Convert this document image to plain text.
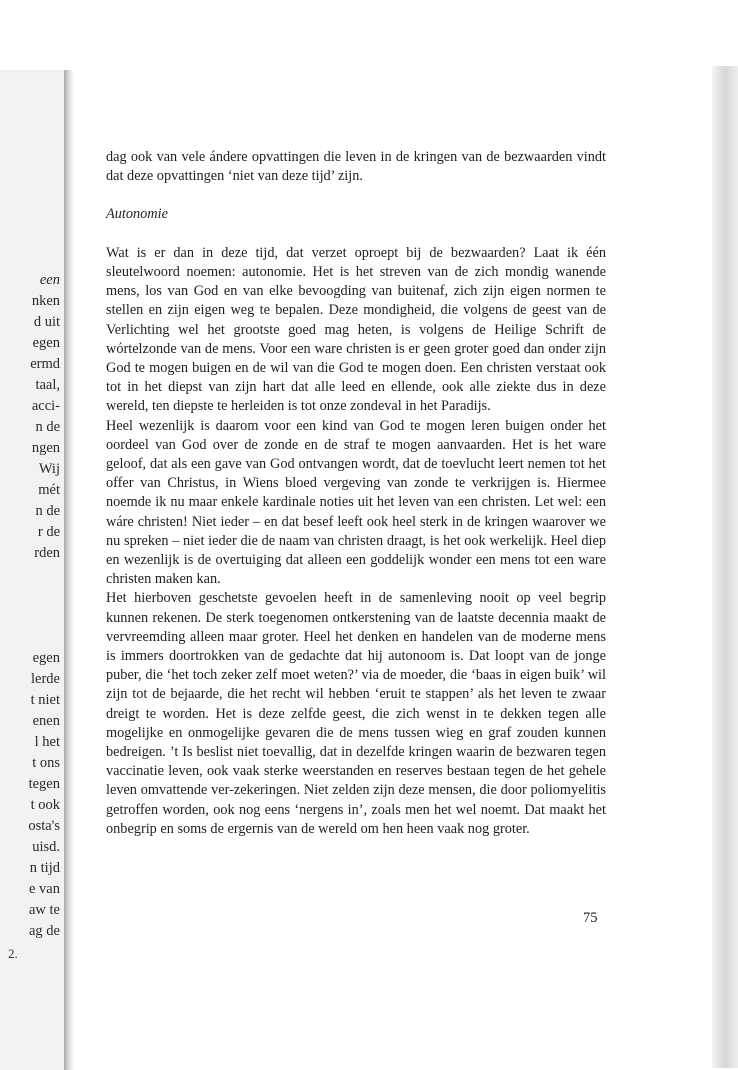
een
nken
d uit
egen
ermd
taal,
acci-
n de
ngen
Wij
mét
n de
r de
rden
egen
lerde
t niet
enen
l het
t ons
tegen
t ook
osta's
uisd.
n tijd
e van
aw te
ag de
2.

dag ook van vele ándere opvattingen die leven in de kringen van de bezwaarden vindt dat deze opvattingen ‘niet van deze tijd’ zijn.

Autonomie

Wat is er dan in deze tijd, dat verzet oproept bij de bezwaarden? Laat ik één sleutelwoord noemen: autonomie. Het is het streven van de zich mondig wanende mens, los van God en van elke bevoogding van buitenaf, zich zijn eigen normen te stellen en zijn eigen weg te bepalen. Deze mondigheid, die volgens de geest van de Verlichting wel het grootste goed mag heten, is volgens de Heilige Schrift de wórtelzonde van de mens. Voor een ware christen is er geen groter goed dan onder zijn God te mogen buigen en de wil van die God te mogen doen. Een christen verstaat ook tot in het diepst van zijn hart dat alle leed en ellende, ook alle ziekte dus in deze wereld, ten diepste te herleiden is tot onze zondeval in het Paradijs.

Heel wezenlijk is daarom voor een kind van God te mogen leren buigen onder het oordeel van God over de zonde en de straf te mogen aanvaarden. Het is het ware geloof, dat als een gave van God ontvangen wordt, dat de toevlucht leert nemen tot het offer van Christus, in Wiens bloed vergeving van zonde te verkrijgen is. Hiermee noemde ik nu maar enkele kardinale noties uit het leven van een christen. Let wel: een wáre christen! Niet ieder – en dat besef leeft ook heel sterk in de kringen waarover we nu spreken – niet ieder die de naam van christen draagt, is het ook werkelijk. Heel diep en wezenlijk is de overtuiging dat alleen een goddelijk wonder een mens tot een ware christen maken kan.

Het hierboven geschetste gevoelen heeft in de samenleving nooit op veel begrip kunnen rekenen. De sterk toegenomen ontkerstening van de laatste decennia maakt de vervreemding alleen maar groter. Heel het denken en handelen van de moderne mens is immers doortrokken van de gedachte dat hij autonoom is. Dat loopt van de jonge puber, die ‘het toch zeker zelf moet weten?’ via de moeder, die ‘baas in eigen buik’ wil zijn tot de bejaarde, die het recht wil hebben ‘eruit te stappen’ als het leven te zwaar dreigt te worden. Het is deze zelfde geest, die zich wenst in te dekken tegen alle mogelijke en onmogelijke gevaren die de mens tussen wieg en graf zouden kunnen bedreigen. ’t Is beslist niet toevallig, dat in dezelfde kringen waarin de bezwaren tegen vaccinatie leven, ook vaak sterke weerstanden en reserves bestaan tegen de het gehele leven omvattende ver-zekeringen. Niet zelden zijn deze mensen, die door poliomyelitis getroffen worden, ook nog eens ‘nergens in’, zoals men het wel noemt. Dat maakt het onbegrip en soms de ergernis van de wereld om hen heen vaak nog groter.

75
